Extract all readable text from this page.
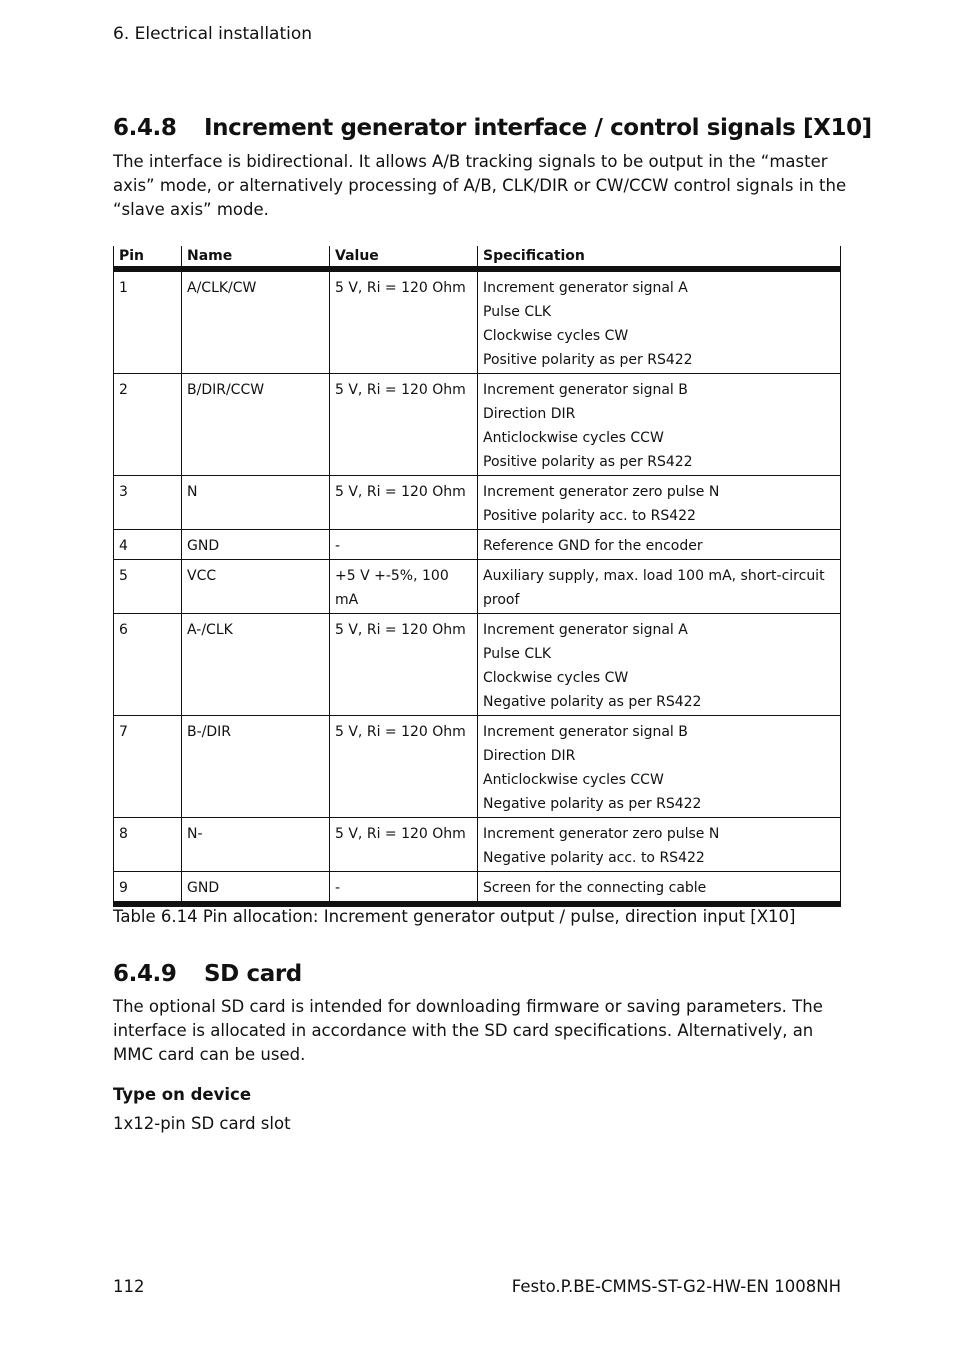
6. Electrical installation
6.4.8 Increment generator interface / control signals [X10]
The interface is bidirectional. It allows A/B tracking signals to be output in the “master
axis” mode, or alternatively processing of A/B, CLK/DIR or CW/CCW control signals in the
“slave axis” mode.
Pin	Name	Value	Specification
1	A/CLK/CW	5 V, Ri = 120 Ohm	Increment generator signal A
Pulse CLK
Clockwise cycles CW
Positive polarity as per RS422

2	B/DIR/CCW	5 V, Ri = 120 Ohm	Increment generator signal B
Direction DIR
Anticlockwise cycles CCW
Positive polarity as per RS422

3	N	5 V, Ri = 120 Ohm	Increment generator zero pulse N
Positive polarity acc. to RS422

4	GND	-	Reference GND for the encoder

5	VCC	+5 V +-5%, 100 mA	Auxiliary supply, max. load 100 mA, short-circuit
proof

6	A-/CLK	5 V, Ri = 120 Ohm	Increment generator signal A
Pulse CLK
Clockwise cycles CW
Negative polarity as per RS422

7	B-/DIR	5 V, Ri = 120 Ohm	Increment generator signal B
Direction DIR
Anticlockwise cycles CCW
Negative polarity as per RS422

8	N-	5 V, Ri = 120 Ohm	Increment generator zero pulse N
Negative polarity acc. to RS422

9	GND	-	Screen for the connecting cable
Table 6.14 Pin allocation: Increment generator output / pulse, direction input [X10]
6.4.9 SD card
The optional SD card is intended for downloading firmware or saving parameters. The
interface is allocated in accordance with the SD card specifications. Alternatively, an
MMC card can be used.
Type on device
1x12-pin SD card slot
112	Festo.P.BE-CMMS-ST-G2-HW-EN 1008NH
